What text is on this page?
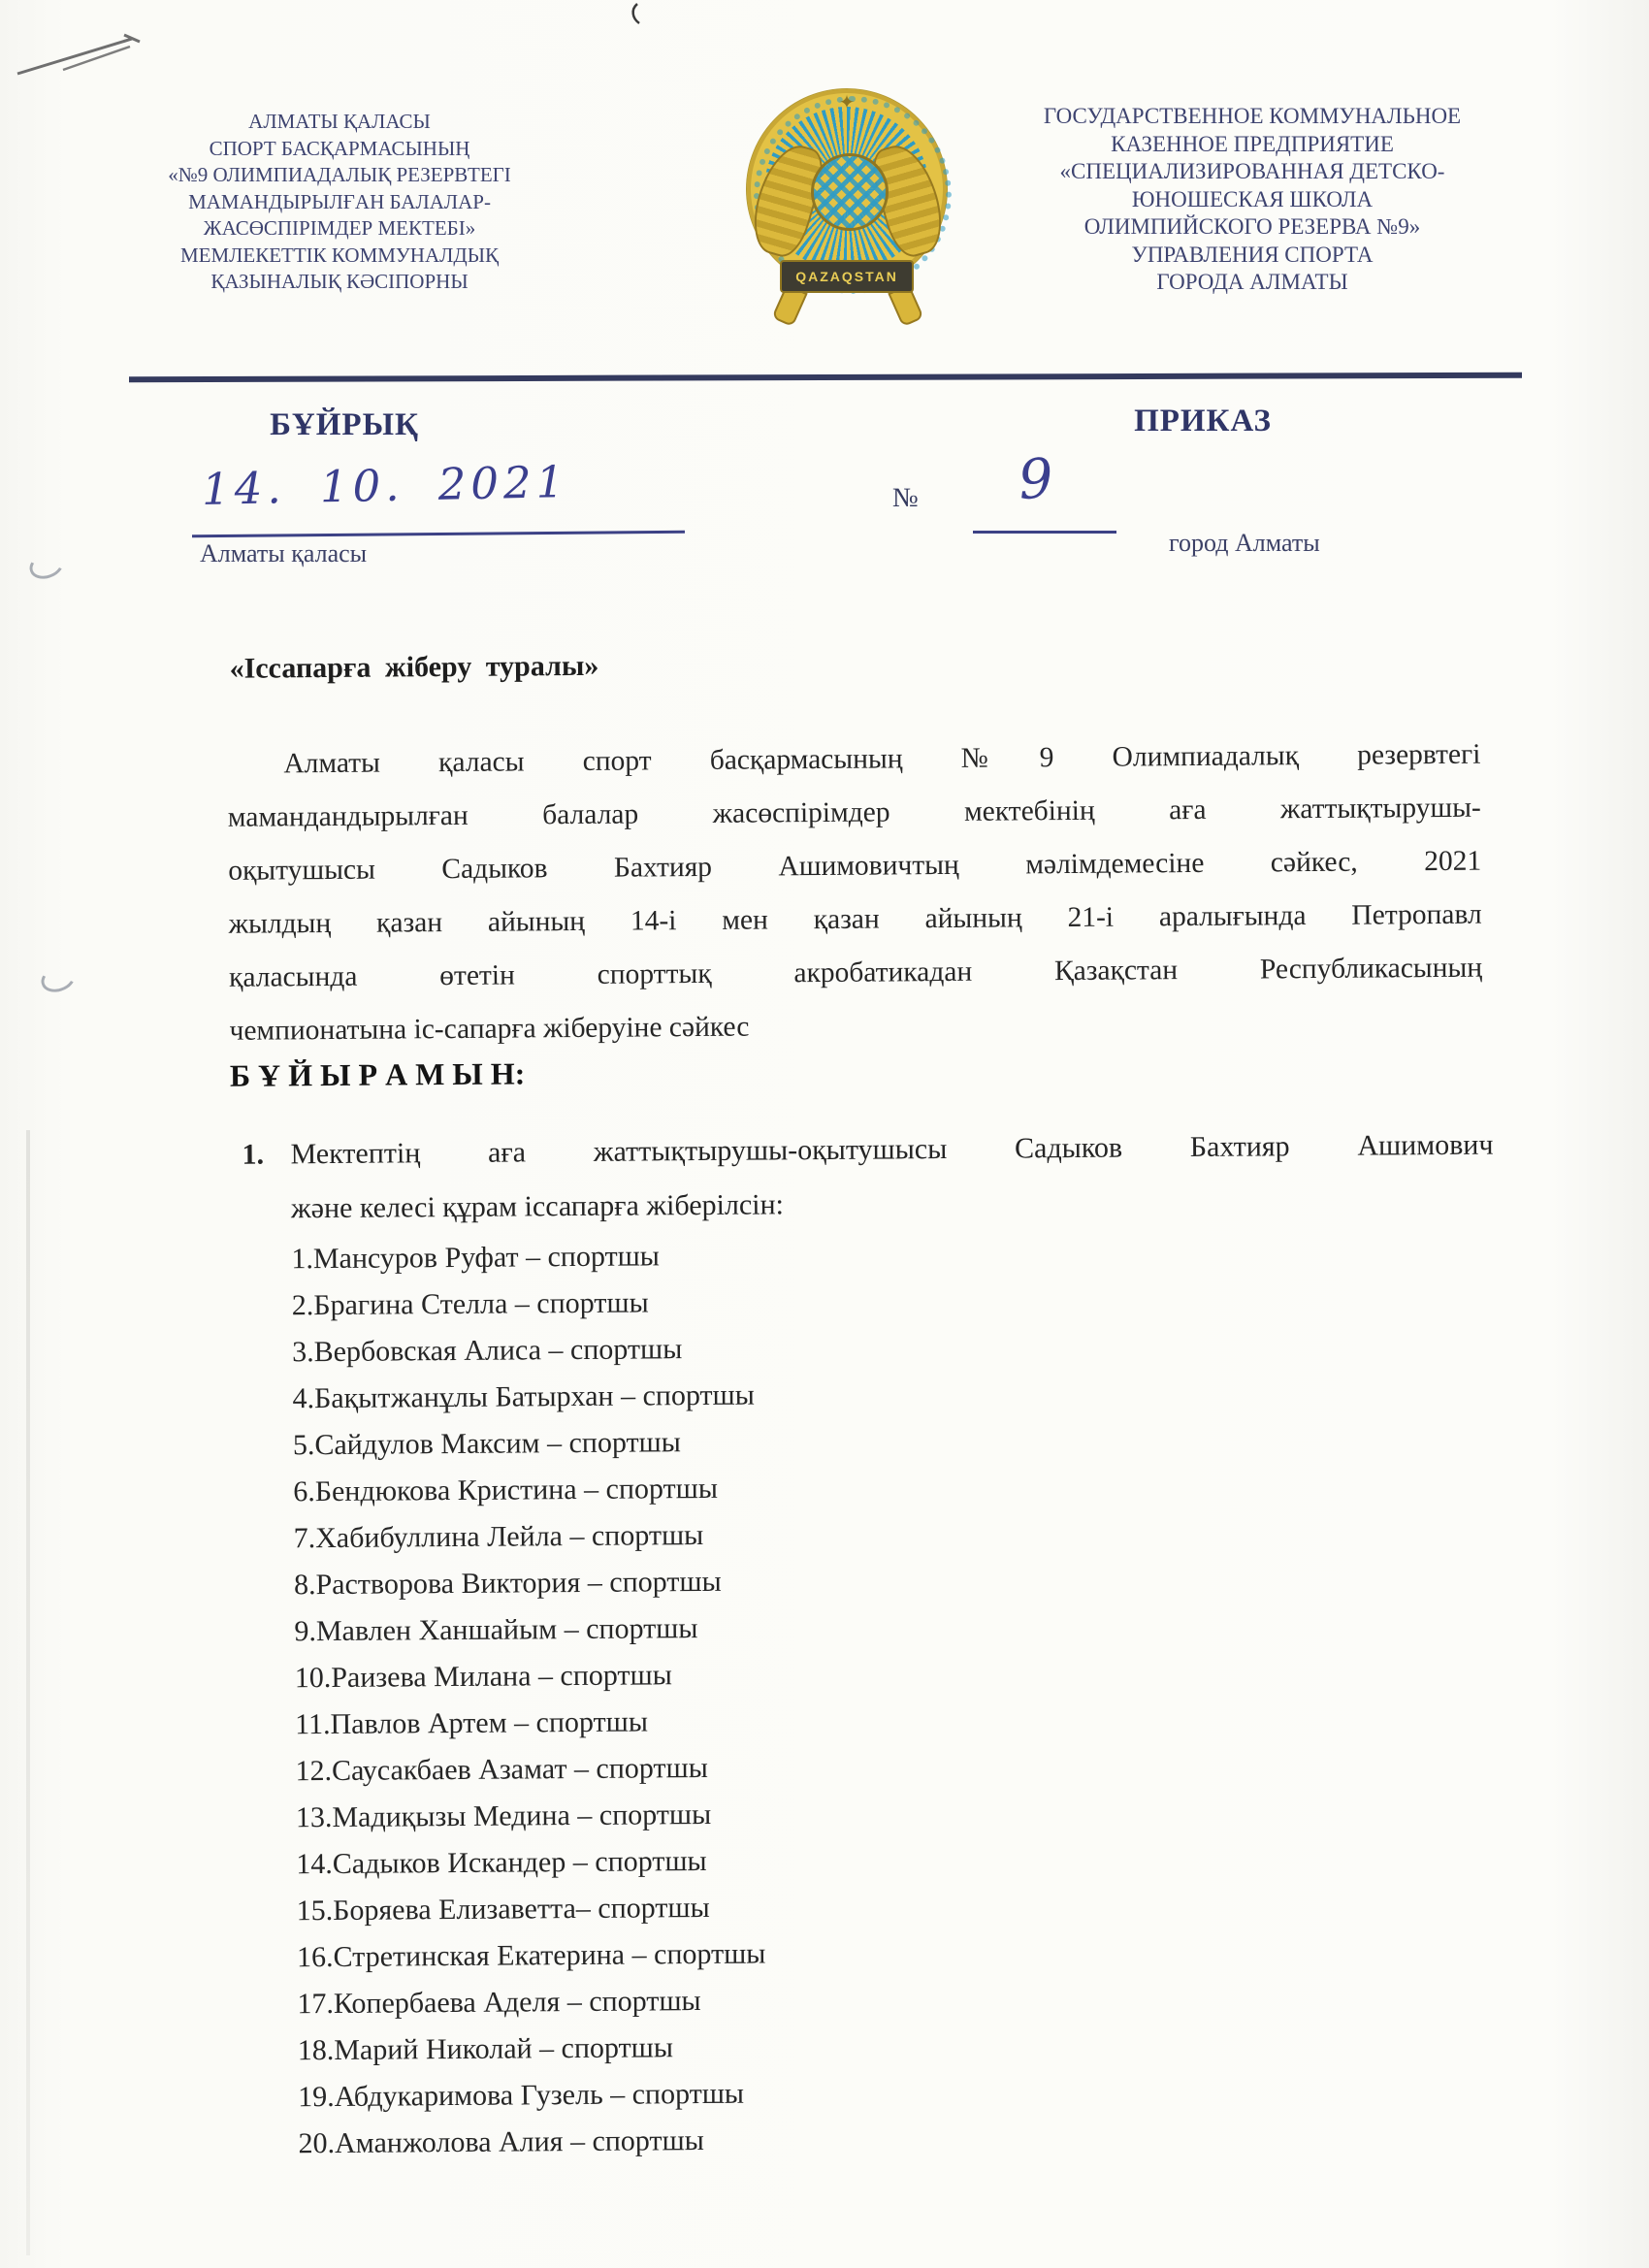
АЛМАТЫ ҚАЛАСЫ
СПОРТ БАСҚАРМАСЫНЫҢ
«№9 ОЛИМПИАДАЛЫҚ РЕЗЕРВТЕГІ
МАМАНДЫРЫЛҒАН БАЛАЛАР-
ЖАСӨСПІРІМДЕР МЕКТЕБІ»
МЕМЛЕКЕТТІК КОММУНАЛДЫҚ
ҚАЗЫНАЛЫҚ КӘСІПОРНЫ
✦
QAZAQSTAN
ГОСУДАРСТВЕННОЕ КОММУНАЛЬНОЕ
КАЗЕННОЕ ПРЕДПРИЯТИЕ
«СПЕЦИАЛИЗИРОВАННАЯ ДЕТСКО-
ЮНОШЕСКАЯ ШКОЛА
ОЛИМПИЙСКОГО РЕЗЕРВА №9»
УПРАВЛЕНИЯ СПОРТА
ГОРОДА АЛМАТЫ
БҰЙРЫҚ	ПРИКАЗ
14. 10. 2021	№ 9
Алматы қаласы	город Алматы
«Іссапарға жіберу туралы»
Алматы қаласы спорт басқармасының №9 Олимпиадалық резервтегі
мамандандырылған балалар жасөспірімдер мектебінің аға жаттықтырушы-
оқытушысы Садыков Бахтияр Ашимовичтың мәлімдемесіне сәйкес, 2021
жылдың қазан айының 14-і мен қазан айының 21-і аралығында Петропавл
қаласында өтетін спорттық акробатикадан Қазақстан Республикасының
чемпионатына іс-сапарға жіберуіне сәйкес
Б Ұ Й Ы Р А М Ы Н:
1. Мектептің аға жаттықтырушы-оқытушысы Садыков Бахтияр Ашимович
және келесі құрам іссапарға жіберілсін:
1.Мансуров Руфат – спортшы
2.Брагина Стелла – спортшы
3.Вербовская Алиса – спортшы
4.Бақытжанұлы Батырхан – спортшы
5.Сайдулов Максим – спортшы
6.Бендюкова Кристина – спортшы
7.Хабибуллина Лейла – спортшы
8.Растворова Виктория – спортшы
9.Мавлен Ханшайым – спортшы
10.Раизева Милана – спортшы
11.Павлов Артем – спортшы
12.Саусакбаев Азамат – спортшы
13.Мадиқызы Медина – спортшы
14.Садыков Искандер – спортшы
15.Боряева Елизаветта– спортшы
16.Стретинская Екатерина – спортшы
17.Копербаева Аделя – спортшы
18.Марий Николай – спортшы
19.Абдукаримова Гузель – спортшы
20.Аманжолова Алия – спортшы
